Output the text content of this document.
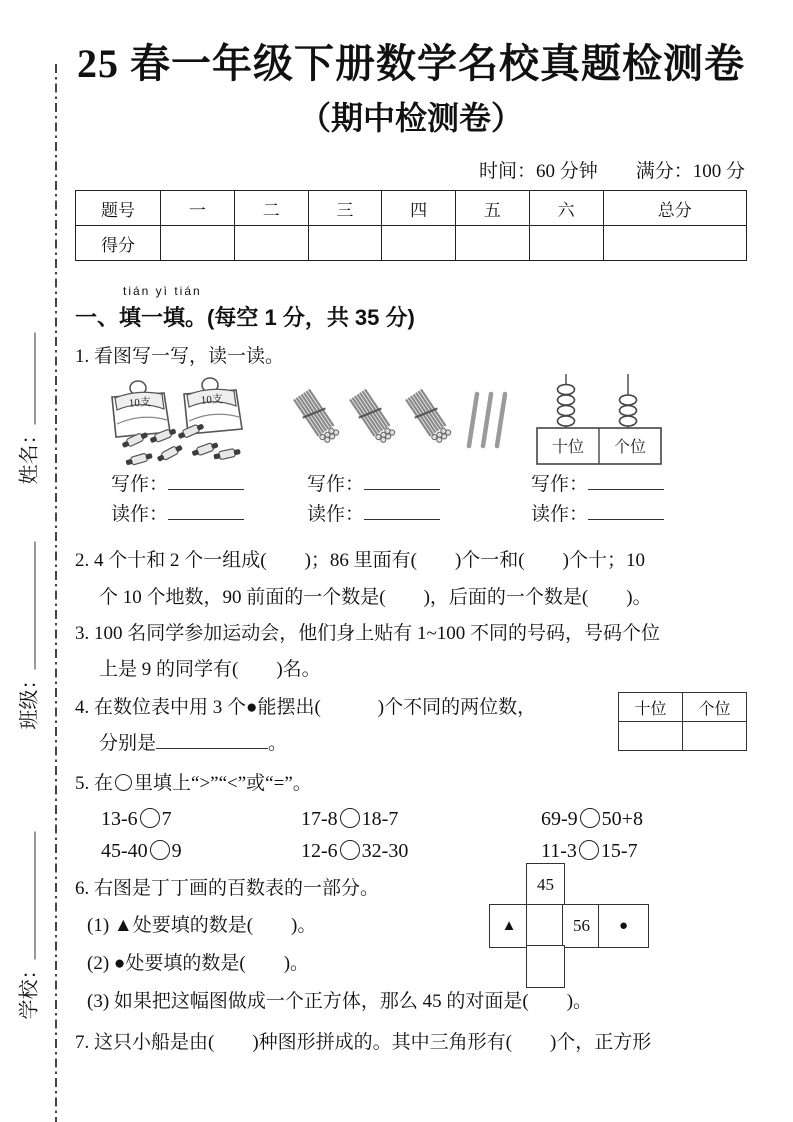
姓名：
班级：
学校：
25 春一年级下册数学名校真题检测卷
（期中检测卷）
时间：60 分钟 满分：100 分
题号	一	二	三	四	五	六	总分
得分							
tián yì tián
一、填一填。(每空 1 分，共 35 分)
1. 看图写一写，读一读。
10支	10支
十位 个位
写作：
读作：
写作：
读作：
写作：
读作：
2. 4 个十和 2 个一组成(　　)；86 里面有(　　)个一和(　　)个十；10
个 10 个地数，90 前面的一个数是(　　)，后面的一个数是(　　)。
3. 100 名同学参加运动会，他们身上贴有 1~100 不同的号码，号码个位
上是 9 的同学有(　　)名。
4. 在数位表中用 3 个●能摆出(　　　)个不同的两位数，
分别是	。
十位	个位

5. 在 里填上“>”“<”或“=”。
13-6 7	17-8 18-7	69-9 50+8
45-40 9	12-6 32-30	11-3 15-7
6. 右图是丁丁画的百数表的一部分。
(1) ▲处要填的数是(　　)。
(2) ●处要填的数是(　　)。
(3) 如果把这幅图做成一个正方体，那么 45 的对面是(　　)。
45
▲	56	●
7. 这只小船是由(　　)种图形拼成的。其中三角形有(　　)个，正方形
